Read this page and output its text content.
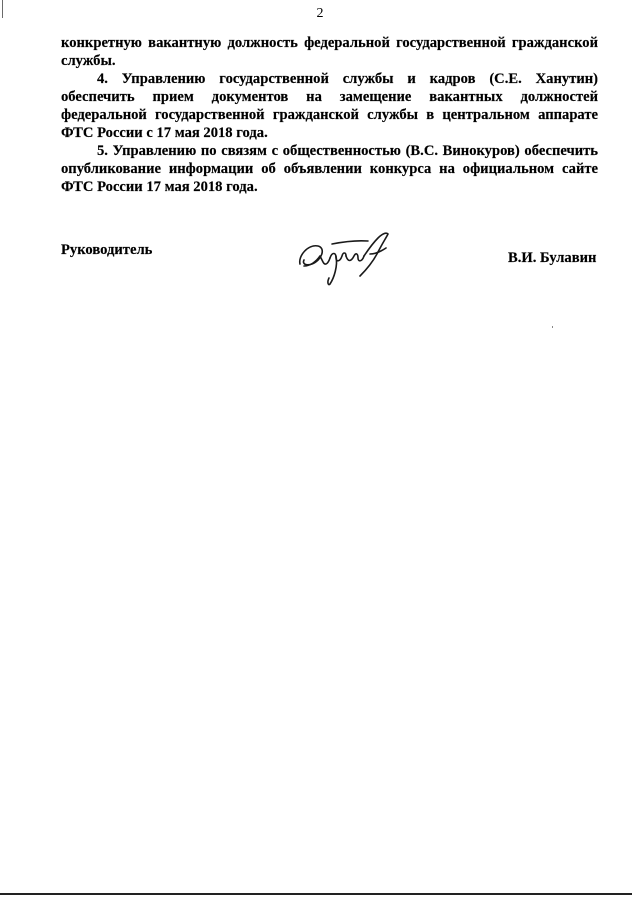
2

конкретную вакантную должность федеральной государственной гражданской службы.

4. Управлению государственной службы и кадров (С.Е. Ханутин) обеспечить прием документов на замещение вакантных должностей федеральной государственной гражданской службы в центральном аппарате ФТС России с 17 мая 2018 года.

5. Управлению по связям с общественностью (В.С. Винокуров) обеспечить опубликование информации об объявлении конкурса на официальном сайте ФТС России 17 мая 2018 года.

Руководитель	В.И. Булавин
